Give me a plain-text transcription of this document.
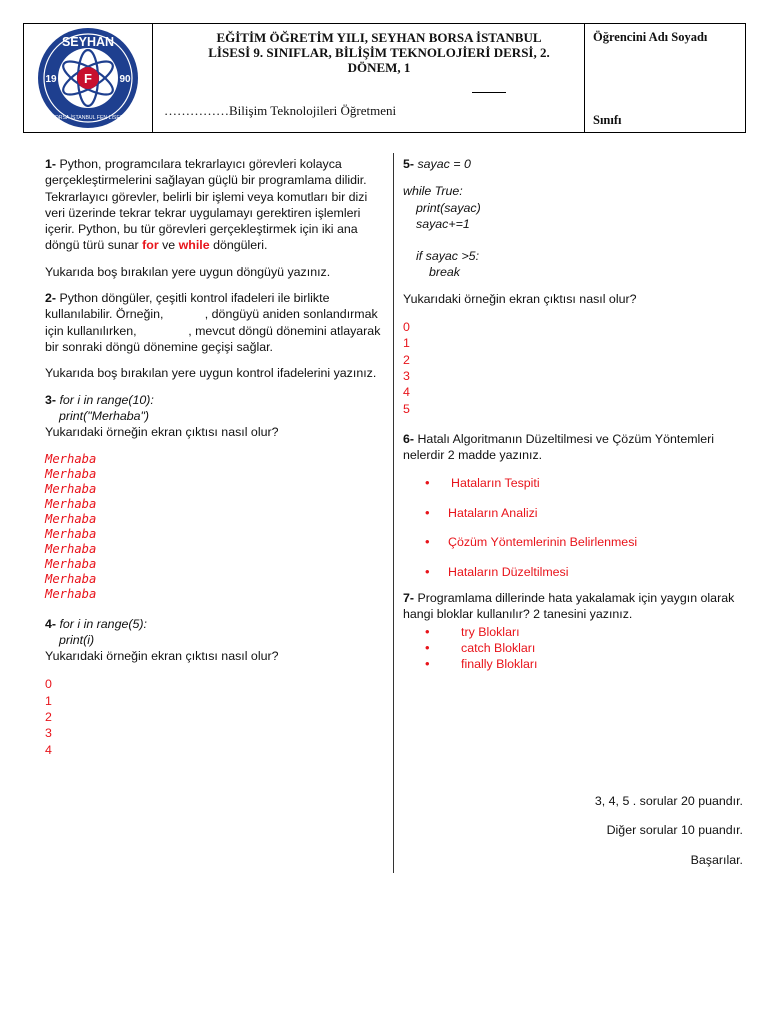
F
SEYHAN
19	90
BORSA İSTANBUL FEN LİSESİ
EĞİTİM ÖĞRETİM YILI, SEYHAN BORSA İSTANBUL LİSESİ 9. SINIFLAR, BİLİŞİM TEKNOLOJİERİ DERSİ, 2. DÖNEM, 1
……………Bilişim Teknolojileri Öğretmeni
Öğrencini Adı Soyadı
Sınıfı

1- Python, programcılara tekrarlayıcı görevleri kolayca gerçekleştirmelerini sağlayan güçlü bir programlama dilidir. Tekrarlayıcı görevler, belirli bir işlemi veya komutları bir dizi veri üzerinde tekrar tekrar uygulamayı gerektiren işlemleri içerir. Python, bu tür görevleri gerçekleştirmek için iki ana döngü türü sunar for ve while döngüleri.

Yukarıda boş bırakılan yere uygun döngüyü yazınız.

2- Python döngüler, çeşitli kontrol ifadeleri ile birlikte kullanılabilir. Örneğin,            , döngüyü aniden sonlandırmak için kullanılırken,               , mevcut döngü dönemini atlayarak bir sonraki döngü dönemine geçişi sağlar.

Yukarıda boş bırakılan yere uygun kontrol ifadelerini yazınız.

3- for i in range(10):

print("Merhaba")

Yukarıdaki örneğin ekran çıktısı nasıl olur?

Merhaba
Merhaba
Merhaba
Merhaba
Merhaba
Merhaba
Merhaba
Merhaba
Merhaba
Merhaba

4- for i in range(5):

print(i)

Yukarıdaki örneğin ekran çıktısı nasıl olur?

0
1
2
3
4

5- sayac = 0

while True:

print(sayac)

sayac+=1

if sayac >5:

break

Yukarıdaki örneğin ekran çıktısı nasıl olur?

0
1
2
3
4
5

6- Hatalı Algoritmanın Düzeltilmesi ve Çözüm Yöntemleri nelerdir 2 madde yazınız.

• Hataların Tespiti
• Hataların Analizi
• Çözüm Yöntemlerinin Belirlenmesi
• Hataların Düzeltilmesi

7- Programlama dillerinde hata yakalamak için yaygın olarak hangi bloklar kullanılır? 2 tanesini yazınız.

•	try Blokları
•	catch Blokları
•	finally Blokları

3, 4, 5 . sorular 20 puandır.

Diğer sorular 10 puandır.

Başarılar.
